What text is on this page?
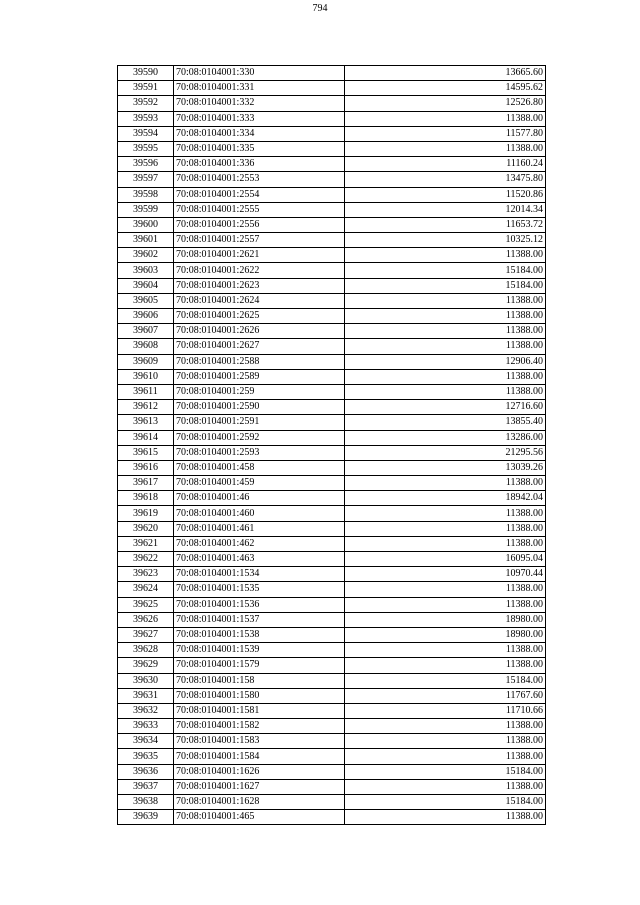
794
39590	70:08:0104001:330	13665.60
39591	70:08:0104001:331	14595.62
39592	70:08:0104001:332	12526.80
39593	70:08:0104001:333	11388.00
39594	70:08:0104001:334	11577.80
39595	70:08:0104001:335	11388.00
39596	70:08:0104001:336	11160.24
39597	70:08:0104001:2553	13475.80
39598	70:08:0104001:2554	11520.86
39599	70:08:0104001:2555	12014.34
39600	70:08:0104001:2556	11653.72
39601	70:08:0104001:2557	10325.12
39602	70:08:0104001:2621	11388.00
39603	70:08:0104001:2622	15184.00
39604	70:08:0104001:2623	15184.00
39605	70:08:0104001:2624	11388.00
39606	70:08:0104001:2625	11388.00
39607	70:08:0104001:2626	11388.00
39608	70:08:0104001:2627	11388.00
39609	70:08:0104001:2588	12906.40
39610	70:08:0104001:2589	11388.00
39611	70:08:0104001:259	11388.00
39612	70:08:0104001:2590	12716.60
39613	70:08:0104001:2591	13855.40
39614	70:08:0104001:2592	13286.00
39615	70:08:0104001:2593	21295.56
39616	70:08:0104001:458	13039.26
39617	70:08:0104001:459	11388.00
39618	70:08:0104001:46	18942.04
39619	70:08:0104001:460	11388.00
39620	70:08:0104001:461	11388.00
39621	70:08:0104001:462	11388.00
39622	70:08:0104001:463	16095.04
39623	70:08:0104001:1534	10970.44
39624	70:08:0104001:1535	11388.00
39625	70:08:0104001:1536	11388.00
39626	70:08:0104001:1537	18980.00
39627	70:08:0104001:1538	18980.00
39628	70:08:0104001:1539	11388.00
39629	70:08:0104001:1579	11388.00
39630	70:08:0104001:158	15184.00
39631	70:08:0104001:1580	11767.60
39632	70:08:0104001:1581	11710.66
39633	70:08:0104001:1582	11388.00
39634	70:08:0104001:1583	11388.00
39635	70:08:0104001:1584	11388.00
39636	70:08:0104001:1626	15184.00
39637	70:08:0104001:1627	11388.00
39638	70:08:0104001:1628	15184.00
39639	70:08:0104001:465	11388.00
